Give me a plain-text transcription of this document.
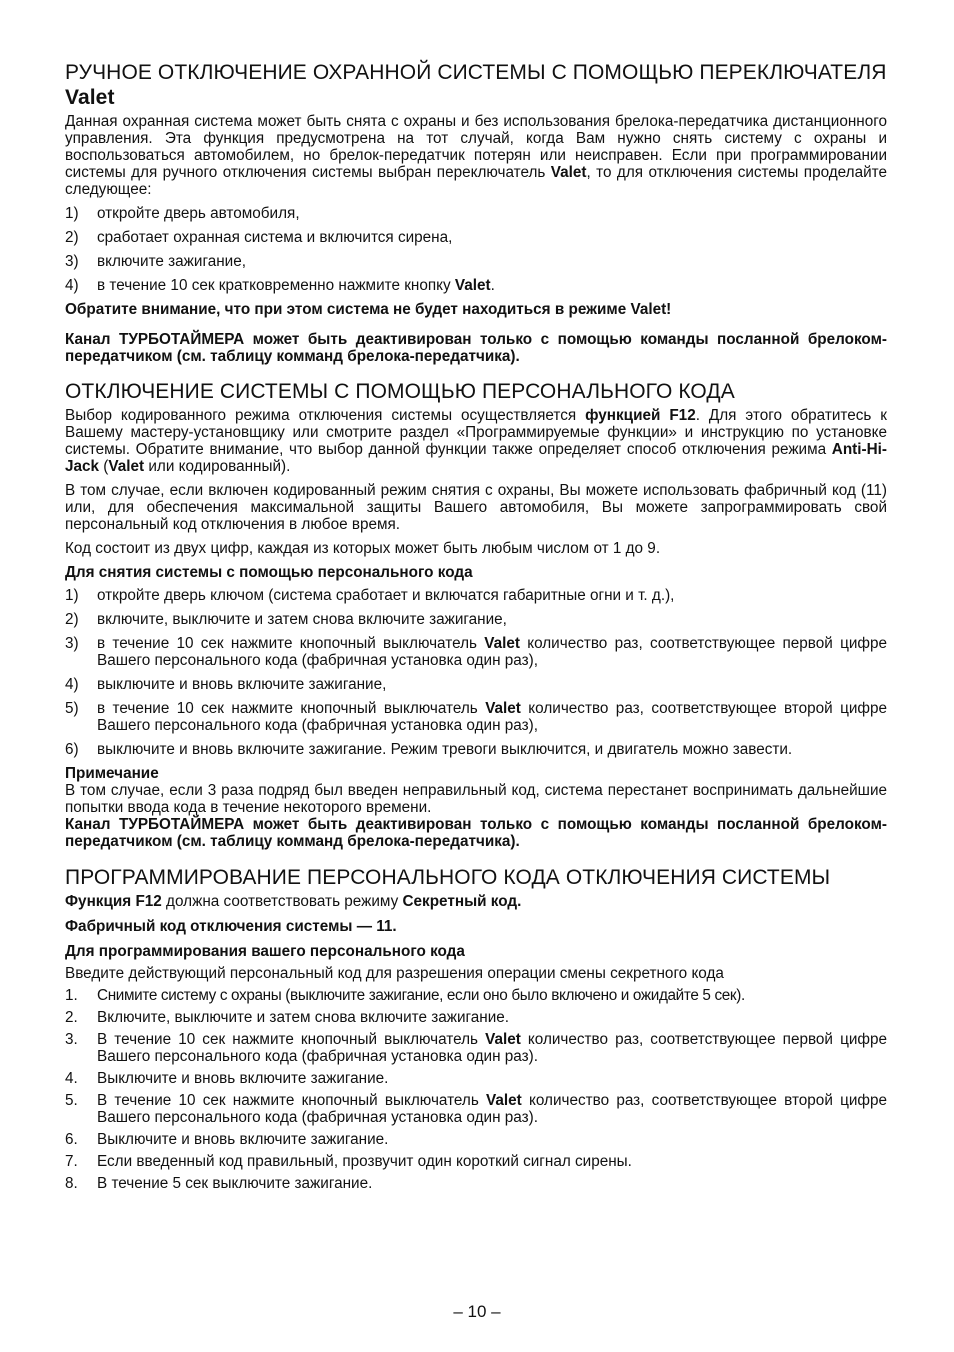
РУЧНОЕ ОТКЛЮЧЕНИЕ ОХРАННОЙ СИСТЕМЫ С ПОМОЩЬЮ ПЕРЕКЛЮЧАТЕЛЯ Valet

Данная охранная система может быть снята с охраны и без использования брелока-передатчика дистанционного управления. Эта функция предусмотрена на тот случай, когда Вам нужно снять систему с охраны и воспользоваться автомобилем, но брелок-передатчик потерян или неисправен. Если при программировании системы для ручного отключения системы выбран переключатель Valet, то для отключения системы проделайте следующее:

1) откройте дверь автомобиля,
2) сработает охранная система и включится сирена,
3) включите зажигание,
4) в течение 10 сек кратковременно нажмите кнопку Valet.

Обратите внимание, что при этом система не будет находиться в режиме Valet!

Канал ТУРБОТАЙМЕРА может быть деактивирован только с помощью команды посланной брелоком-передатчиком (см. таблицу комманд брелока-передатчика).

ОТКЛЮЧЕНИЕ СИСТЕМЫ С ПОМОЩЬЮ ПЕРСОНАЛЬНОГО КОДА

Выбор кодированного режима отключения системы осуществляется функцией F12. Для этого обратитесь к Вашему мастеру-установщику или смотрите раздел «Программируемые функции» и инструкцию по установке системы. Обратите внимание, что выбор данной функции также определяет способ отключения режима Anti-Hi-Jack (Valet или кодированный).

В том случае, если включен кодированный режим снятия с охраны, Вы можете использовать фабричный код (11) или, для обеспечения максимальной защиты Вашего автомобиля, Вы можете запрограммировать свой персональный код отключения в любое время.

Код состоит из двух цифр, каждая из которых может быть любым числом от 1 до 9.

Для снятия системы с помощью персонального кода

1) откройте дверь ключом (система сработает и включатся габаритные огни и т. д.),
2) включите, выключите и затем снова включите зажигание,
3) в течение 10 сек нажмите кнопочный выключатель Valet количество раз, соответствующее первой цифре Вашего персонального кода (фабричная установка один раз),
4) выключите и вновь включите зажигание,
5) в течение 10 сек нажмите кнопочный выключатель Valet количество раз, соответствующее второй цифре Вашего персонального кода (фабричная установка один раз),
6) выключите и вновь включите зажигание. Режим тревоги выключится, и двигатель можно завести.

Примечание

В том случае, если 3 раза подряд был введен неправильный код, система перестанет воспринимать дальнейшие попытки ввода кода в течение некоторого времени.

Канал ТУРБОТАЙМЕРА может быть деактивирован только с помощью команды посланной брелоком-передатчиком (см. таблицу комманд брелока-передатчика).

ПРОГРАММИРОВАНИЕ ПЕРСОНАЛЬНОГО КОДА ОТКЛЮЧЕНИЯ СИСТЕМЫ

Функция F12 должна соответствовать режиму Секретный код.

Фабричный код отключения системы — 11.

Для программирования вашего персонального кода

Введите действующий персональный код для разрешения операции смены секретного кода

1. Снимите систему с охраны (выключите зажигание, если оно было включено и ожидайте 5 сек).
2. Включите, выключите и затем снова включите зажигание.
3. В течение 10 сек нажмите кнопочный выключатель Valet количество раз, соответствующее первой цифре Вашего персонального кода (фабричная установка один раз).
4. Выключите и вновь включите зажигание.
5. В течение 10 сек нажмите кнопочный выключатель Valet количество раз, соответствующее второй цифре Вашего персонального кода (фабричная установка один раз).
6. Выключите и вновь включите зажигание.
7. Если введенный код правильный, прозвучит один короткий сигнал сирены.
8. В течение 5 сек выключите зажигание.
– 10 –
